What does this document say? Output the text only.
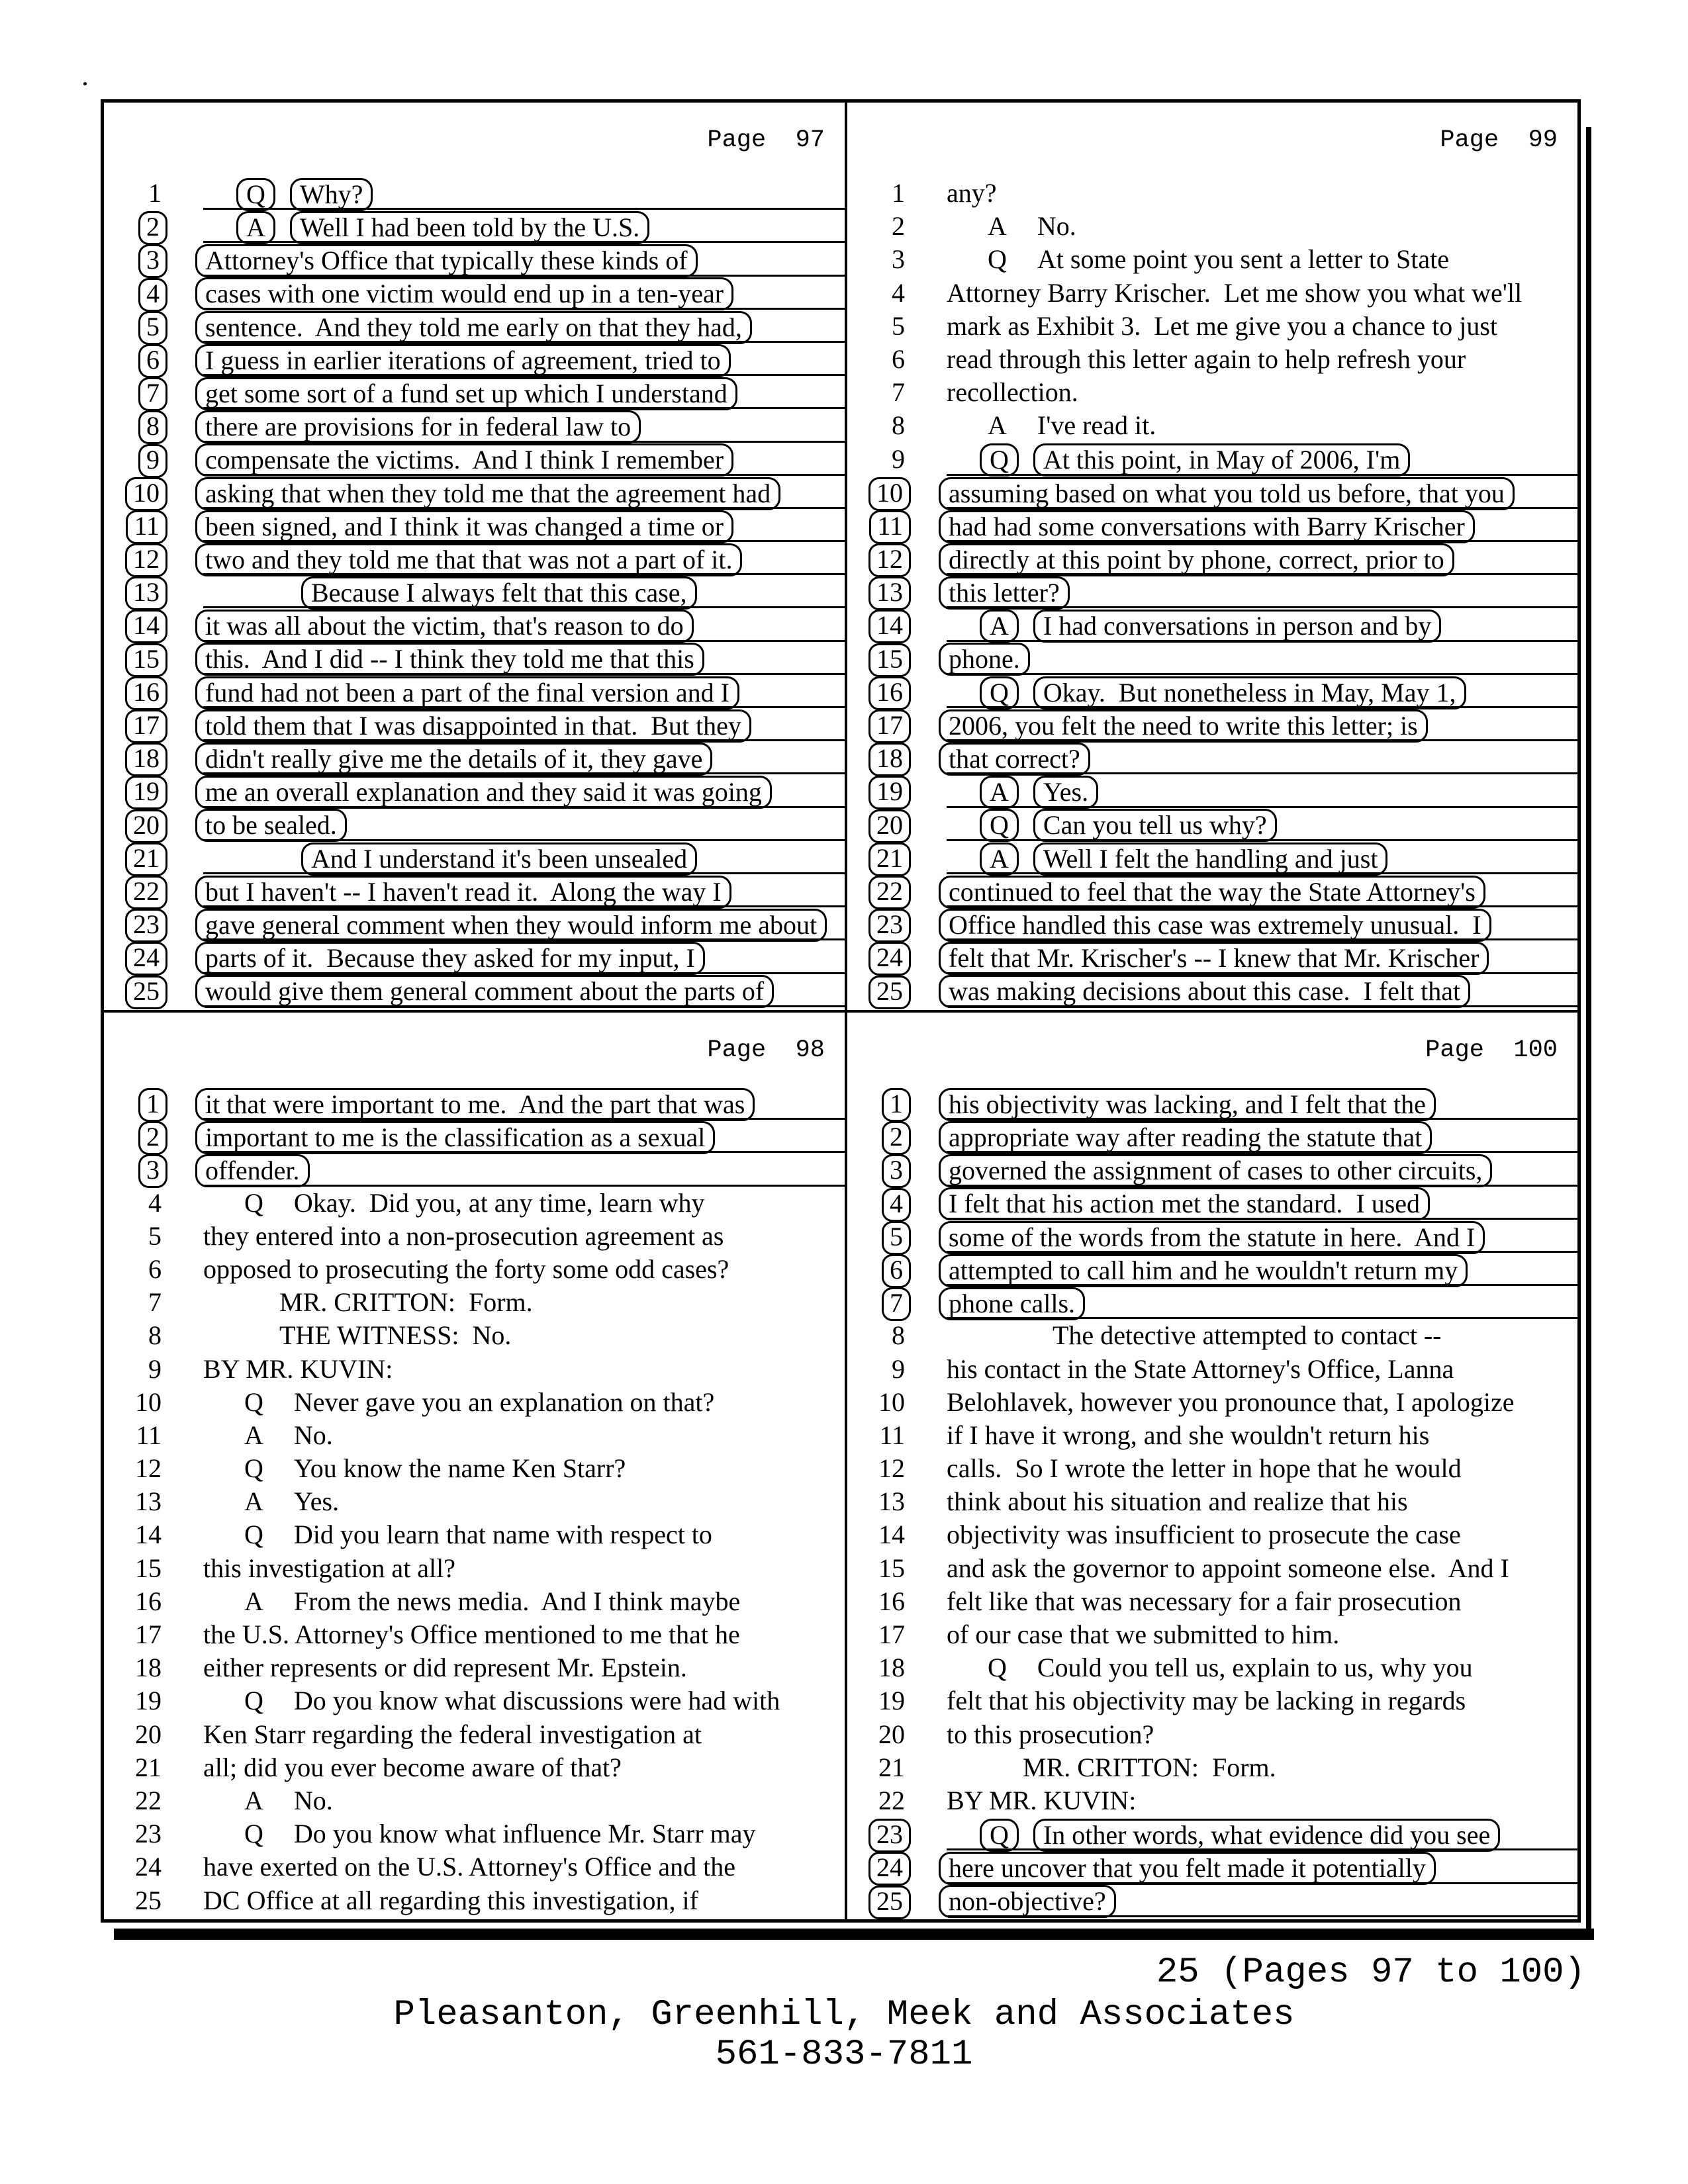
Page  97
1	Q Why?
2	A Well I had been told by the U.S.
3	Attorney's Office that typically these kinds of
4	cases with one victim would end up in a ten-year
5	sentence.  And they told me early on that they had,
6	I guess in earlier iterations of agreement, tried to
7	get some sort of a fund set up which I understand
8	there are provisions for in federal law to
9	compensate the victims.  And I think I remember
10	asking that when they told me that the agreement had
11	been signed, and I think it was changed a time or
12	two and they told me that that was not a part of it.
13	Because I always felt that this case,
14	it was all about the victim, that's reason to do
15	this.  And I did -- I think they told me that this
16	fund had not been a part of the final version and I
17	told them that I was disappointed in that.  But they
18	didn't really give me the details of it, they gave
19	me an overall explanation and they said it was going
20	to be sealed.
21	And I understand it's been unsealed
22	but I haven't -- I haven't read it.  Along the way I
23	gave general comment when they would inform me about
24	parts of it.  Because they asked for my input, I
25	would give them general comment about the parts of
Page  99
1 any?
2	A No.
3	Q At some point you sent a letter to State
4 Attorney Barry Krischer.  Let me show you what we'll
5 mark as Exhibit 3.  Let me give you a chance to just
6 read through this letter again to help refresh your
7 recollection.
8	A I've read it.
9	Q At this point, in May of 2006, I'm
10	assuming based on what you told us before, that you
11	had had some conversations with Barry Krischer
12	directly at this point by phone, correct, prior to
13	this letter?
14	A I had conversations in person and by
15	phone.
16	Q Okay.  But nonetheless in May, May 1,
17	2006, you felt the need to write this letter; is
18	that correct?
19	A Yes.
20	Q Can you tell us why?
21	A Well I felt the handling and just
22	continued to feel that the way the State Attorney's
23	Office handled this case was extremely unusual.  I
24	felt that Mr. Krischer's -- I knew that Mr. Krischer
25	was making decisions about this case.  I felt that
Page  98
1	it that were important to me.  And the part that was
2	important to me is the classification as a sexual
3	offender.
4	Q Okay.  Did you, at any time, learn why
5 they entered into a non-prosecution agreement as
6 opposed to prosecuting the forty some odd cases?
7	MR. CRITTON:  Form.
8	THE WITNESS:  No.
9 BY MR. KUVIN:
10	Q Never gave you an explanation on that?
11	A No.
12	Q You know the name Ken Starr?
13	A Yes.
14	Q Did you learn that name with respect to
15 this investigation at all?
16	A From the news media.  And I think maybe
17 the U.S. Attorney's Office mentioned to me that he
18 either represents or did represent Mr. Epstein.
19	Q Do you know what discussions were had with
20 Ken Starr regarding the federal investigation at
21 all; did you ever become aware of that?
22	A No.
23	Q Do you know what influence Mr. Starr may
24 have exerted on the U.S. Attorney's Office and the
25 DC Office at all regarding this investigation, if
Page  100
1	his objectivity was lacking, and I felt that the
2	appropriate way after reading the statute that
3	governed the assignment of cases to other circuits,
4	I felt that his action met the standard.  I used
5	some of the words from the statute in here.  And I
6	attempted to call him and he wouldn't return my
7	phone calls.
8	The detective attempted to contact --
9 his contact in the State Attorney's Office, Lanna
10 Belohlavek, however you pronounce that, I apologize
11 if I have it wrong, and she wouldn't return his
12 calls.  So I wrote the letter in hope that he would
13 think about his situation and realize that his
14 objectivity was insufficient to prosecute the case
15 and ask the governor to appoint someone else.  And I
16 felt like that was necessary for a fair prosecution
17 of our case that we submitted to him.
18	Q Could you tell us, explain to us, why you
19 felt that his objectivity may be lacking in regards
20 to this prosecution?
21	MR. CRITTON:  Form.
22 BY MR. KUVIN:
23	Q In other words, what evidence did you see
24	here uncover that you felt made it potentially
25	non-objective?
25 (Pages 97 to 100)
Pleasanton, Greenhill, Meek and Associates
561-833-7811
